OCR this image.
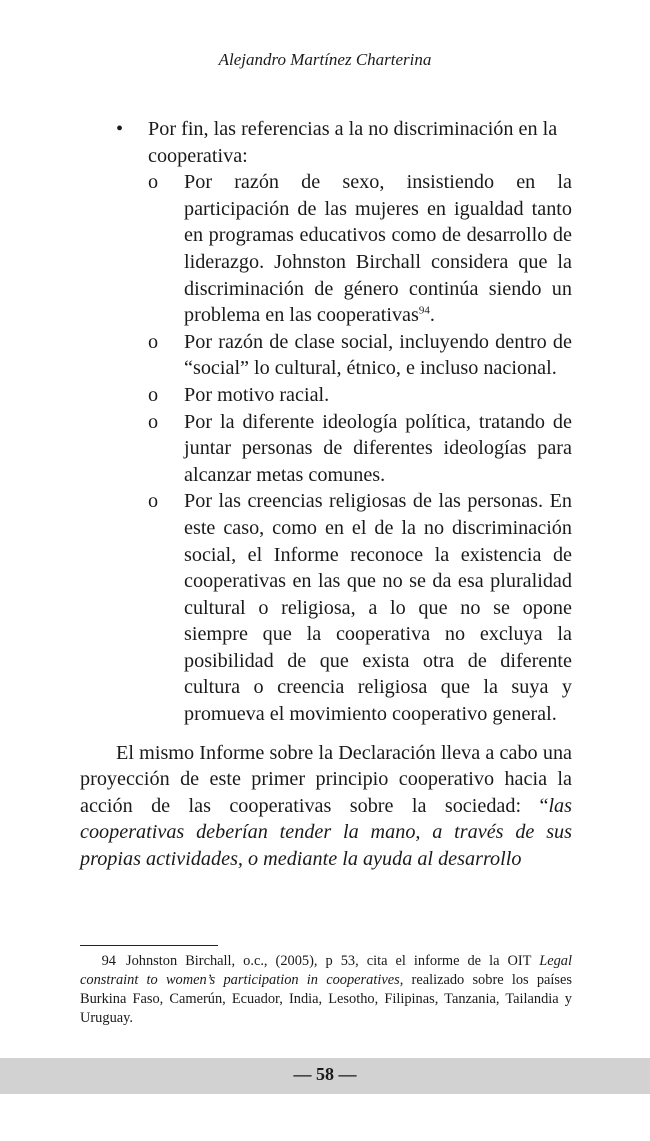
Alejandro Martínez Charterina
• Por fin, las referencias a la no discriminación en la cooperativa:
o Por razón de sexo, insistiendo en la participación de las mujeres en igualdad tanto en programas educativos como de desarrollo de liderazgo. Johnston Birchall considera que la discriminación de género continúa siendo un problema en las cooperativas$^{94}$.
o Por razón de clase social, incluyendo dentro de “social” lo cultural, étnico, e incluso nacional.
o Por motivo racial.
o Por la diferente ideología política, tratando de juntar personas de diferentes ideologías para alcanzar metas comunes.
o Por las creencias religiosas de las personas. En este caso, como en el de la no discriminación social, el Informe reconoce la existencia de cooperativas en las que no se da esa pluralidad cultural o religiosa, a lo que no se opone siempre que la cooperativa no excluya la posibilidad de que exista otra de diferente cultura o creencia religiosa que la suya y promueva el movimiento cooperativo general.

El mismo Informe sobre la Declaración lleva a cabo una proyección de este primer principio cooperativo hacia la acción de las cooperativas sobre la sociedad: “las cooperativas deberían tender la mano, a través de sus propias actividades, o mediante la ayuda al desarrollo

94 Johnston Birchall, o.c., (2005), p 53, cita el informe de la OIT Legal constraint to women’s participation in cooperatives, realizado sobre los países Burkina Faso, Camerún, Ecuador, India, Lesotho, Filipinas, Tanzania, Tailandia y Uruguay.
— 58 —
